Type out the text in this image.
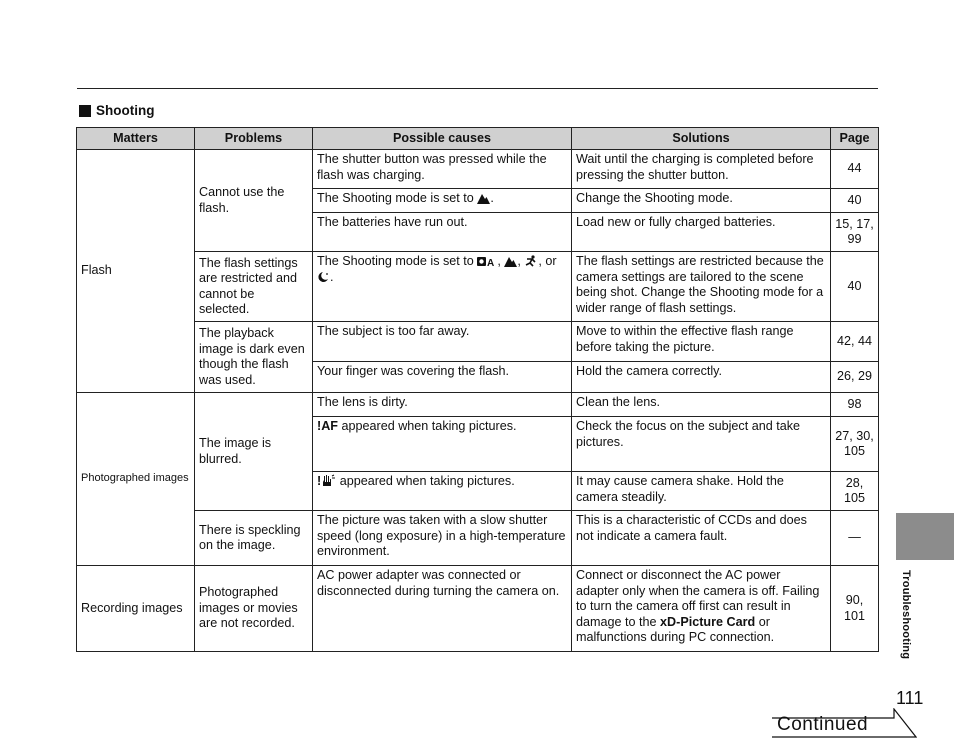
Shooting
Matters	Problems	Possible causes	Solutions	Page
Flash	Cannot use the flash.	The shutter button was pressed while the flash was charging.	Wait until the charging is completed before pressing the shutter button.	44
		The Shooting mode is set to .	Change the Shooting mode.	40
		The batteries have run out.	Load new or fully charged batteries.	15, 17, 99
	The flash settings are restricted and cannot be selected.	The Shooting mode is set to A , , , or .	The flash settings are restricted because the camera settings are tailored to the scene being shot. Change the Shooting mode for a wider range of flash settings.	40
	The playback image is dark even though the flash was used.	The subject is too far away.	Move to within the effective flash range before taking the picture.	42, 44
		Your finger was covering the flash.	Hold the camera correctly.	26, 29
Photographed images	The image is blurred.	The lens is dirty.	Clean the lens.	98
		!AF appeared when taking pictures.	Check the focus on the subject and take pictures.	27, 30, 105
		! appeared when taking pictures.	It may cause camera shake. Hold the camera steadily.	28, 105
	There is speckling on the image.	The picture was taken with a slow shutter speed (long exposure) in a high-temperature environment.	This is a characteristic of CCDs and does not indicate a camera fault.	—
Recording images	Photographed images or movies are not recorded.	AC power adapter was connected or disconnected during turning the camera on.	Connect or disconnect the AC power adapter only when the camera is off. Failing to turn the camera off first can result in damage to the xD-Picture Card or malfunctions during PC connection.	90, 101	Troubleshooting
111
Continued
